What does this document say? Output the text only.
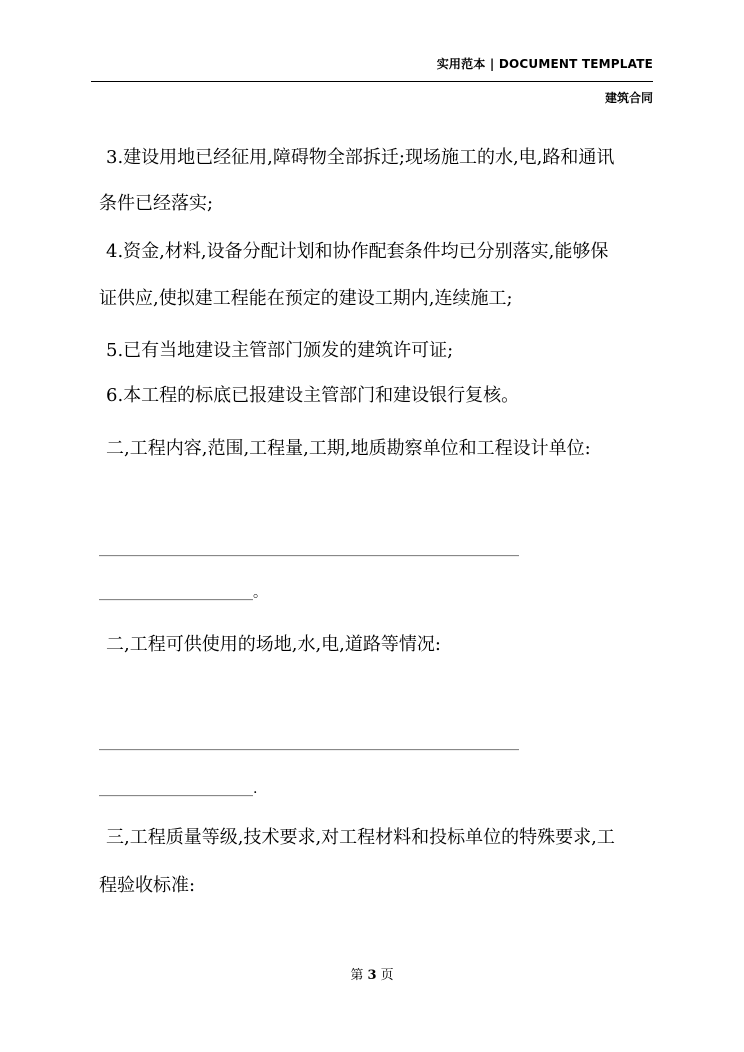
实用范本 | DOCUMENT TEMPLATE
建筑合同
3.建设用地已经征用,障碍物全部拆迁;现场施工的水,电,路和通讯
条件已经落实;
4.资金,材料,设备分配计划和协作配套条件均已分别落实,能够保
证供应,使拟建工程能在预定的建设工期内,连续施工;
5.已有当地建设主管部门颁发的建筑许可证;
6.本工程的标底已报建设主管部门和建设银行复核。
二,工程内容,范围,工程量,工期,地质勘察单位和工程设计单位:
____________________________________________________________
______________________。
二,工程可供使用的场地,水,电,道路等情况:
____________________________________________________________
______________________.
三,工程质量等级,技术要求,对工程材料和投标单位的特殊要求,工
程验收标准:
第 3 页
